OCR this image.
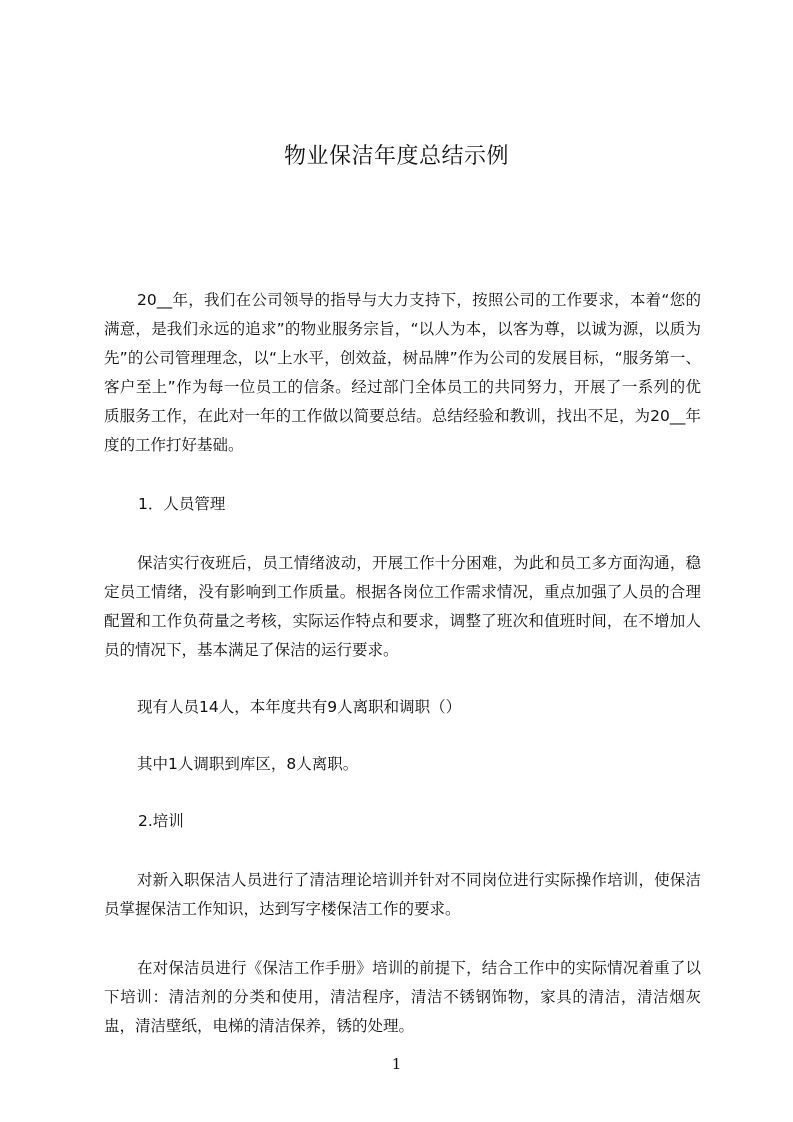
物业保洁年度总结示例

20__年，我们在公司领导的指导与大力支持下，按照公司的工作要求，本着“您的满意，是我们永远的追求”的物业服务宗旨，“以人为本，以客为尊，以诚为源，以质为先”的公司管理理念，以“上水平，创效益，树品牌”作为公司的发展目标，“服务第一、客户至上”作为每一位员工的信条。经过部门全体员工的共同努力，开展了一系列的优质服务工作，在此对一年的工作做以简要总结。总结经验和教训，找出不足，为20__年度的工作打好基础。

1．人员管理

保洁实行夜班后，员工情绪波动，开展工作十分困难，为此和员工多方面沟通，稳定员工情绪，没有影响到工作质量。根据各岗位工作需求情况，重点加强了人员的合理配置和工作负荷量之考核，实际运作特点和要求，调整了班次和值班时间，在不增加人员的情况下，基本满足了保洁的运行要求。

现有人员14人，本年度共有9人离职和调职（）

其中1人调职到库区，8人离职。

2.培训

对新入职保洁人员进行了清洁理论培训并针对不同岗位进行实际操作培训，使保洁员掌握保洁工作知识，达到写字楼保洁工作的要求。

在对保洁员进行《保洁工作手册》培训的前提下，结合工作中的实际情况着重了以下培训：清洁剂的分类和使用，清洁程序，清洁不锈钢饰物，家具的清洁，清洁烟灰盅，清洁壁纸，电梯的清洁保养，锈的处理。

1
